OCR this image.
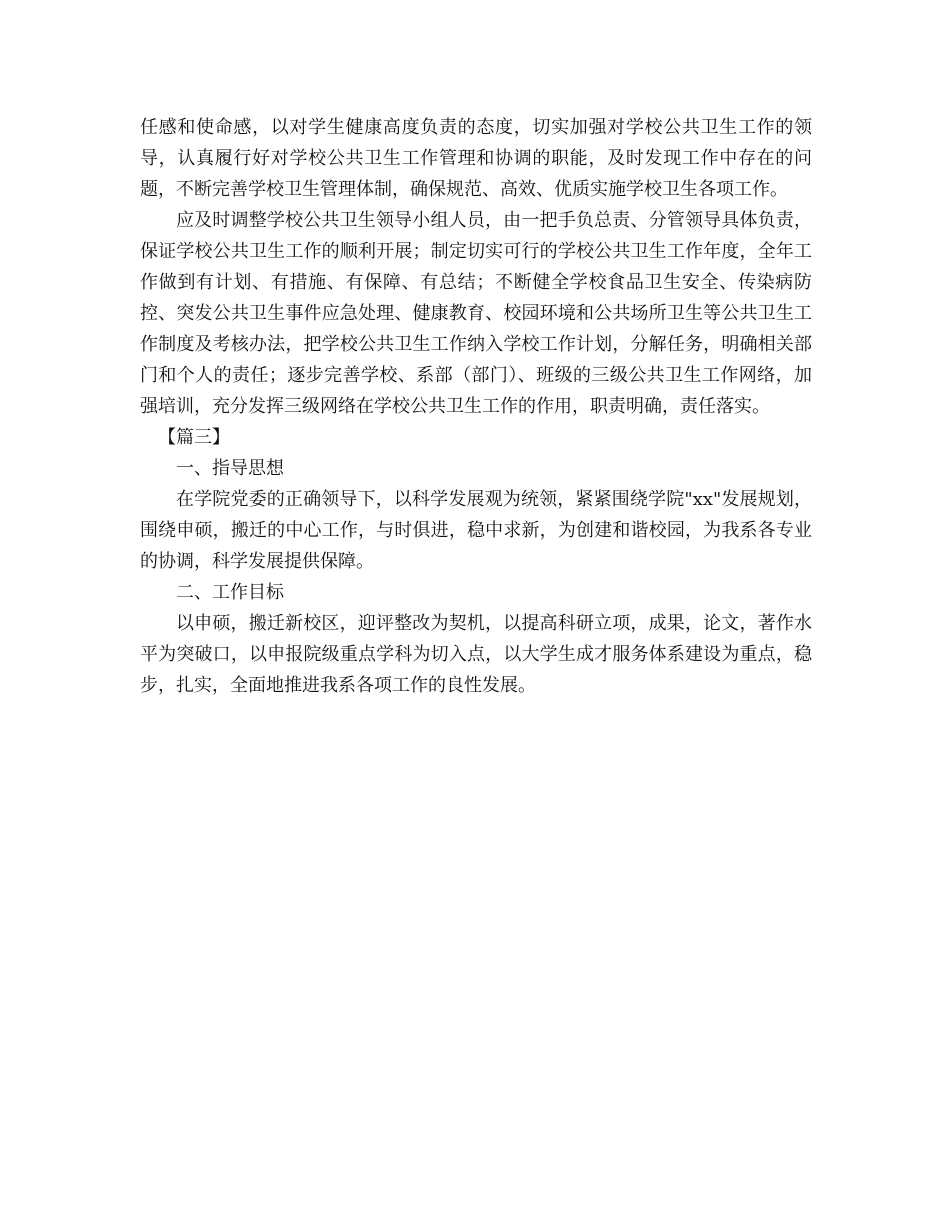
任感和使命感，以对学生健康高度负责的态度，切实加强对学校公共卫生工作的领导，认真履行好对学校公共卫生工作管理和协调的职能，及时发现工作中存在的问题，不断完善学校卫生管理体制，确保规范、高效、优质实施学校卫生各项工作。

应及时调整学校公共卫生领导小组人员，由一把手负总责、分管领导具体负责，保证学校公共卫生工作的顺利开展；制定切实可行的学校公共卫生工作年度，全年工作做到有计划、有措施、有保障、有总结；不断健全学校食品卫生安全、传染病防控、突发公共卫生事件应急处理、健康教育、校园环境和公共场所卫生等公共卫生工作制度及考核办法，把学校公共卫生工作纳入学校工作计划，分解任务，明确相关部门和个人的责任；逐步完善学校、系部（部门）、班级的三级公共卫生工作网络，加强培训，充分发挥三级网络在学校公共卫生工作的作用，职责明确，责任落实。

【篇三】

一、指导思想

在学院党委的正确领导下，以科学发展观为统领，紧紧围绕学院"xx"发展规划，围绕申硕，搬迁的中心工作，与时俱进，稳中求新，为创建和谐校园，为我系各专业的协调，科学发展提供保障。

二、工作目标

以申硕，搬迁新校区，迎评整改为契机，以提高科研立项，成果，论文，著作水平为突破口，以申报院级重点学科为切入点，以大学生成才服务体系建设为重点，稳步，扎实，全面地推进我系各项工作的良性发展。
